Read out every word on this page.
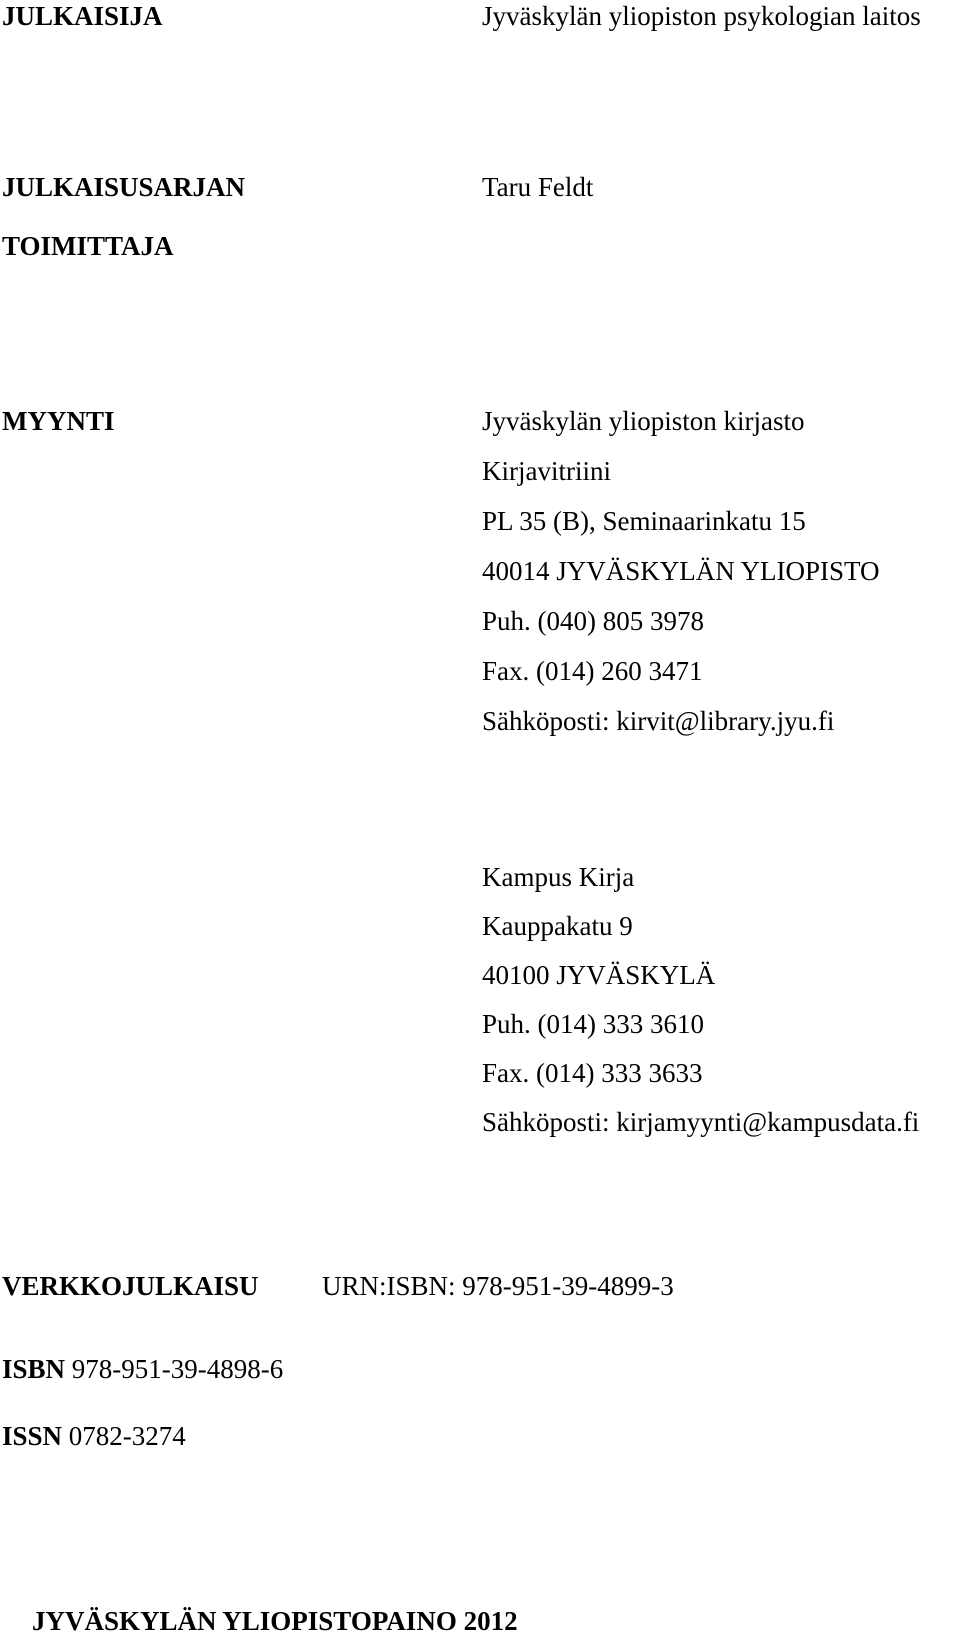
JULKAISIJA	Jyväskylän yliopiston psykologian laitos
JULKAISUSARJAN
TOIMITTAJA
Taru Feldt
MYYNTI	Jyväskylän yliopiston kirjasto
Kirjavitriini
PL 35 (B), Seminaarinkatu 15
40014 JYVÄSKYLÄN YLIOPISTO
Puh. (040) 805 3978
Fax. (014) 260 3471
Sähköposti: kirvit@library.jyu.fi
Kampus Kirja
Kauppakatu 9
40100 JYVÄSKYLÄ
Puh. (014) 333 3610
Fax. (014) 333 3633
Sähköposti: kirjamyynti@kampusdata.fi
VERKKOJULKAISU URN:ISBN: 978-951-39-4899-3
ISBN 978-951-39-4898-6
ISSN 0782-3274
JYVÄSKYLÄN YLIOPISTOPAINO 2012
